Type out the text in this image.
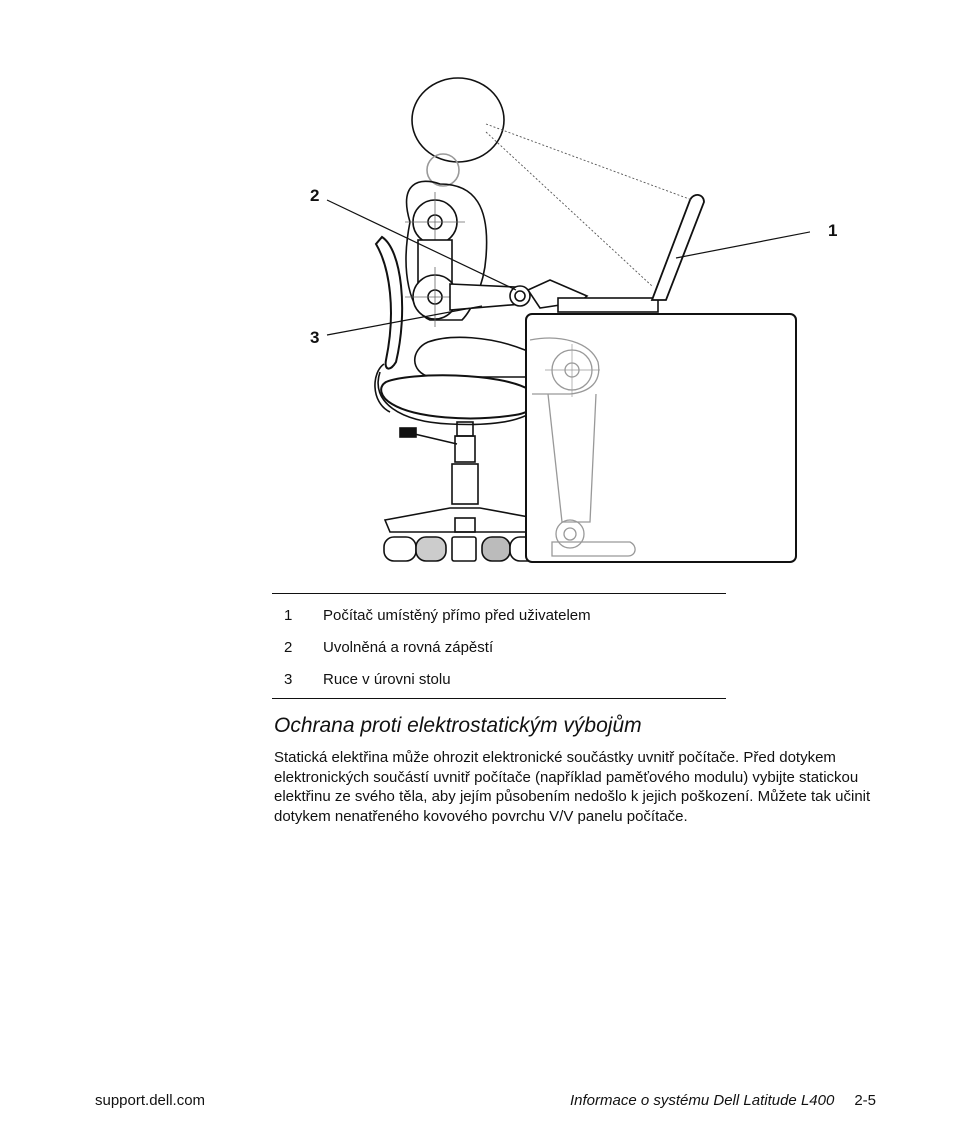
1
2
3
1	Počítač umístěný přímo před uživatelem
2	Uvolněná a rovná zápěstí
3	Ruce v úrovni stolu
Ochrana proti elektrostatickým výbojům

Statická elektřina může ohrozit elektronické součástky uvnitř počítače. Před dotykem elektronických součástí uvnitř počítače (například paměťového modulu) vybijte statickou elektřinu ze svého těla, aby jejím působením nedošlo k jejich poškození. Můžete tak učinit dotykem nenatřeného kovového povrchu V/V panelu počítače.

support.dell.com	Informace o systému Dell Latitude L400 2-5
